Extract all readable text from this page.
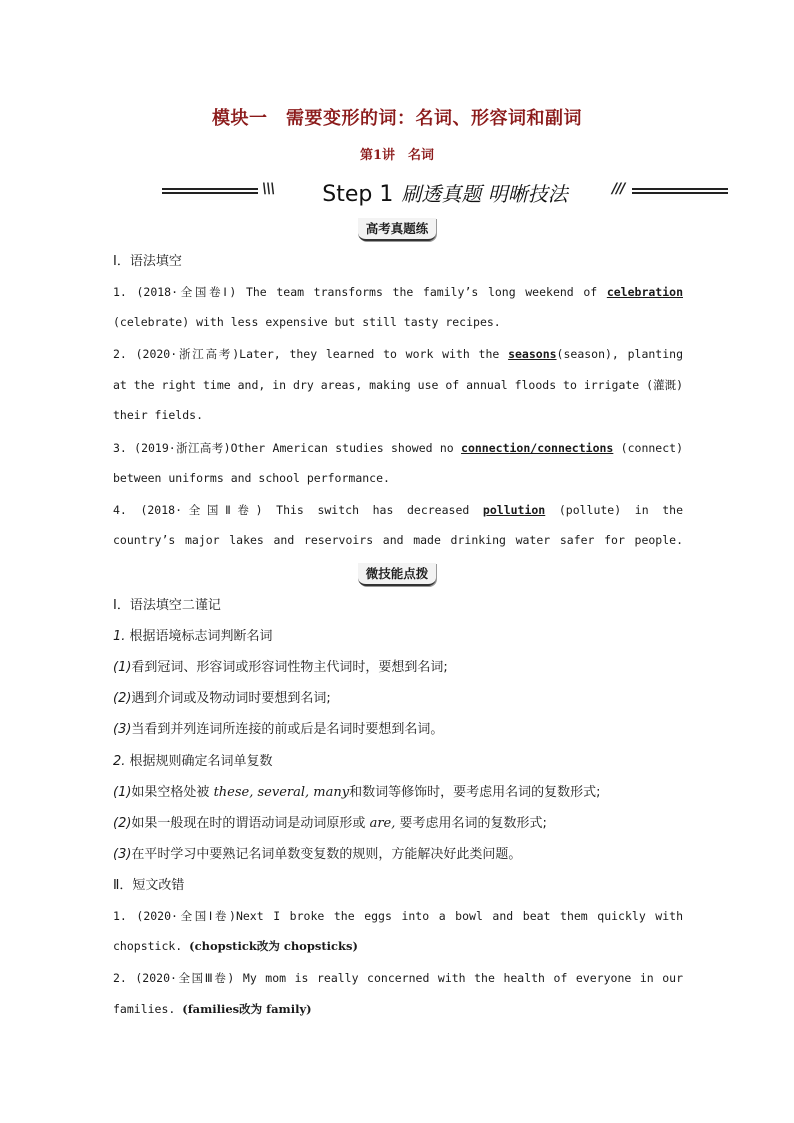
模块一　需要变形的词：名词、形容词和副词
第1讲　名词
\\\	Step 1 刷透真题 明晰技法	///
高考真题练
Ⅰ．语法填空
1. (2018·全国卷Ⅰ) The team transforms the family’s long weekend of celebration
(celebrate) with less expensive but still tasty recipes.
2. (2020·浙江高考)Later, they learned to work with the seasons(season), planting
at the right time and, in dry areas, making use of annual floods to irrigate (灌溉)
their fields.
3. (2019·浙江高考)Other American studies showed no connection/connections (connect)
between uniforms and school performance.
4. (2018·全国Ⅱ卷) This switch has decreased pollution (pollute) in the
country’s major lakes and reservoirs and made drinking water safer for people.
微技能点拨
Ⅰ．语法填空二谨记
1. 根据语境标志词判断名词
(1)看到冠词、形容词或形容词性物主代词时，要想到名词;
(2)遇到介词或及物动词时要想到名词;
(3)当看到并列连词所连接的前或后是名词时要想到名词。
2. 根据规则确定名词单复数
(1)如果空格处被 these, several, many和数词等修饰时，要考虑用名词的复数形式;
(2)如果一般现在时的谓语动词是动词原形或 are, 要考虑用名词的复数形式;
(3)在平时学习中要熟记名词单数变复数的规则，方能解决好此类问题。
Ⅱ．短文改错
1. (2020·全国Ⅰ卷)Next I broke the eggs into a bowl and beat them quickly with
chopstick. (chopstick改为 chopsticks)
2. (2020·全国Ⅲ卷) My mom is really concerned with the health of everyone in our
families. (families改为 family)
